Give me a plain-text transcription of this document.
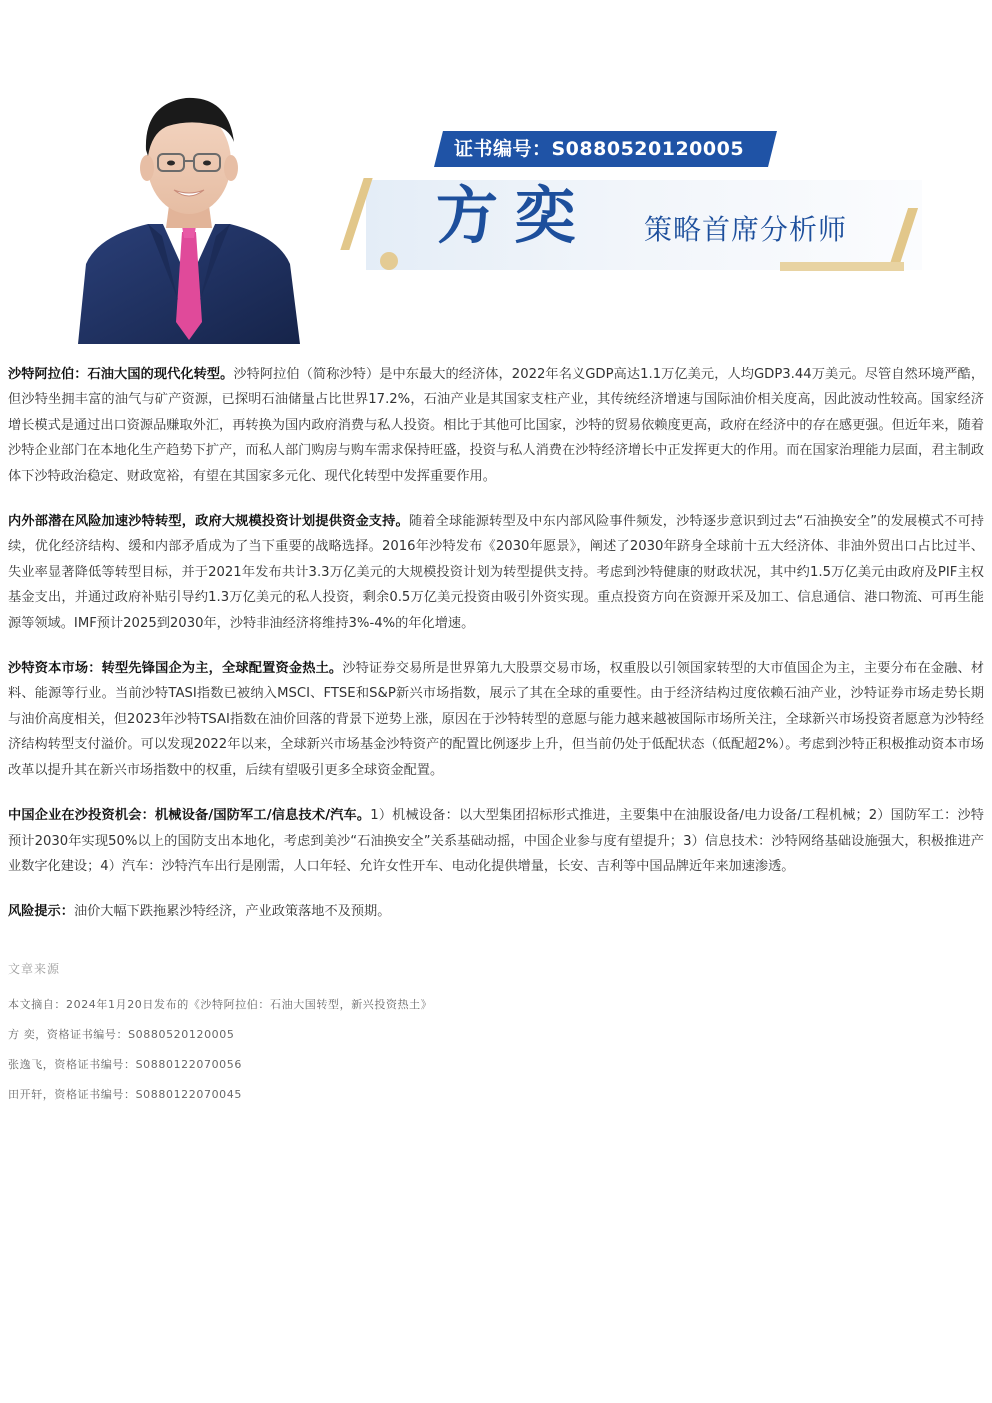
证书编号：S0880520120005
方奕 策略首席分析师

沙特阿拉伯：石油大国的现代化转型。沙特阿拉伯（简称沙特）是中东最大的经济体，2022年名义GDP高达1.1万亿美元，人均GDP3.44万美元。尽管自然环境严酷，但沙特坐拥丰富的油气与矿产资源，已探明石油储量占比世界17.2%，石油产业是其国家支柱产业，其传统经济增速与国际油价相关度高，因此波动性较高。国家经济增长模式是通过出口资源品赚取外汇，再转换为国内政府消费与私人投资。相比于其他可比国家，沙特的贸易依赖度更高，政府在经济中的存在感更强。但近年来，随着沙特企业部门在本地化生产趋势下扩产，而私人部门购房与购车需求保持旺盛，投资与私人消费在沙特经济增长中正发挥更大的作用。而在国家治理能力层面，君主制政体下沙特政治稳定、财政宽裕，有望在其国家多元化、现代化转型中发挥重要作用。

内外部潜在风险加速沙特转型，政府大规模投资计划提供资金支持。随着全球能源转型及中东内部风险事件频发，沙特逐步意识到过去“石油换安全”的发展模式不可持续，优化经济结构、缓和内部矛盾成为了当下重要的战略选择。2016年沙特发布《2030年愿景》，阐述了2030年跻身全球前十五大经济体、非油外贸出口占比过半、失业率显著降低等转型目标，并于2021年发布共计3.3万亿美元的大规模投资计划为转型提供支持。考虑到沙特健康的财政状况，其中约1.5万亿美元由政府及PIF主权基金支出，并通过政府补贴引导约1.3万亿美元的私人投资，剩余0.5万亿美元投资由吸引外资实现。重点投资方向在资源开采及加工、信息通信、港口物流、可再生能源等领域。IMF预计2025到2030年，沙特非油经济将维持3%-4%的年化增速。

沙特资本市场：转型先锋国企为主，全球配置资金热土。沙特证券交易所是世界第九大股票交易市场，权重股以引领国家转型的大市值国企为主，主要分布在金融、材料、能源等行业。当前沙特TASI指数已被纳入MSCI、FTSE和S&P新兴市场指数，展示了其在全球的重要性。由于经济结构过度依赖石油产业，沙特证券市场走势长期与油价高度相关，但2023年沙特TSAI指数在油价回落的背景下逆势上涨，原因在于沙特转型的意愿与能力越来越被国际市场所关注，全球新兴市场投资者愿意为沙特经济结构转型支付溢价。可以发现2022年以来，全球新兴市场基金沙特资产的配置比例逐步上升，但当前仍处于低配状态（低配超2%）。考虑到沙特正积极推动资本市场改革以提升其在新兴市场指数中的权重，后续有望吸引更多全球资金配置。

中国企业在沙投资机会：机械设备/国防军工/信息技术/汽车。1）机械设备：以大型集团招标形式推进，主要集中在油服设备/电力设备/工程机械；2）国防军工：沙特预计2030年实现50%以上的国防支出本地化，考虑到美沙“石油换安全”关系基础动摇，中国企业参与度有望提升；3）信息技术：沙特网络基础设施强大，积极推进产业数字化建设；4）汽车：沙特汽车出行是刚需，人口年轻、允许女性开车、电动化提供增量，长安、吉利等中国品牌近年来加速渗透。

风险提示：油价大幅下跌拖累沙特经济，产业政策落地不及预期。

文章来源
本文摘自：2024年1月20日发布的《沙特阿拉伯：石油大国转型，新兴投资热土》
方 奕，资格证书编号：S0880520120005
张逸飞，资格证书编号：S0880122070056
田开轩，资格证书编号：S0880122070045
